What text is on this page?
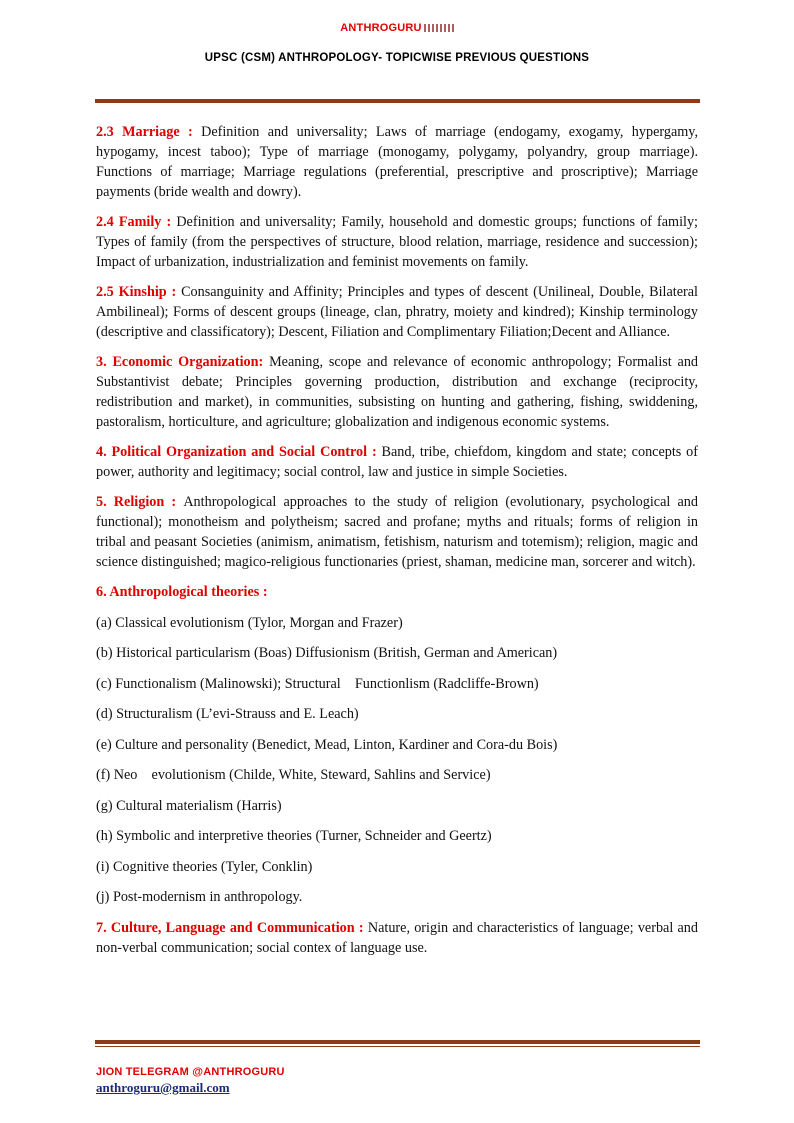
ANTHROGURU
UPSC (CSM) ANTHROPOLOGY- TOPICWISE PREVIOUS QUESTIONS

2.3 Marriage : Definition and universality; Laws of marriage (endogamy, exogamy, hypergamy, hypogamy, incest taboo); Type of marriage (monogamy, polygamy, polyandry, group marriage). Functions of marriage; Marriage regulations (preferential, prescriptive and proscriptive); Marriage payments (bride wealth and dowry).

2.4 Family : Definition and universality; Family, household and domestic groups; functions of family; Types of family (from the perspectives of structure, blood relation, marriage, residence and succession); Impact of urbanization, industrialization and feminist movements on family.

2.5 Kinship : Consanguinity and Affinity; Principles and types of descent (Unilineal, Double, Bilateral Ambilineal); Forms of descent groups (lineage, clan, phratry, moiety and kindred); Kinship terminology (descriptive and classificatory); Descent, Filiation and Complimentary Filiation;Decent and Alliance.

3. Economic Organization: Meaning, scope and relevance of economic anthropology; Formalist and Substantivist debate; Principles governing production, distribution and exchange (reciprocity, redistribution and market), in communities, subsisting on hunting and gathering, fishing, swiddening, pastoralism, horticulture, and agriculture; globalization and indigenous economic systems.

4. Political Organization and Social Control : Band, tribe, chiefdom, kingdom and state; concepts of power, authority and legitimacy; social control, law and justice in simple Societies.

5. Religion : Anthropological approaches to the study of religion (evolutionary, psychological and functional); monotheism and polytheism; sacred and profane; myths and rituals; forms of religion in tribal and peasant Societies (animism, animatism, fetishism, naturism and totemism); religion, magic and science distinguished; magico-religious functionaries (priest, shaman, medicine man, sorcerer and witch).

6. Anthropological theories :
(a) Classical evolutionism (Tylor, Morgan and Frazer)
(b) Historical particularism (Boas) Diffusionism (British, German and American)
(c) Functionalism (Malinowski); Structural    Functionlism (Radcliffe-Brown)
(d) Structuralism (L’evi-Strauss and E. Leach)
(e) Culture and personality (Benedict, Mead, Linton, Kardiner and Cora-du Bois)
(f) Neo    evolutionism (Childe, White, Steward, Sahlins and Service)
(g) Cultural materialism (Harris)
(h) Symbolic and interpretive theories (Turner, Schneider and Geertz)
(i) Cognitive theories (Tyler, Conklin)
(j) Post-modernism in anthropology.

7. Culture, Language and Communication : Nature, origin and characteristics of language; verbal and non-verbal communication; social contex of language use.

JION TELEGRAM @ANTHROGURU
anthroguru@gmail.com
